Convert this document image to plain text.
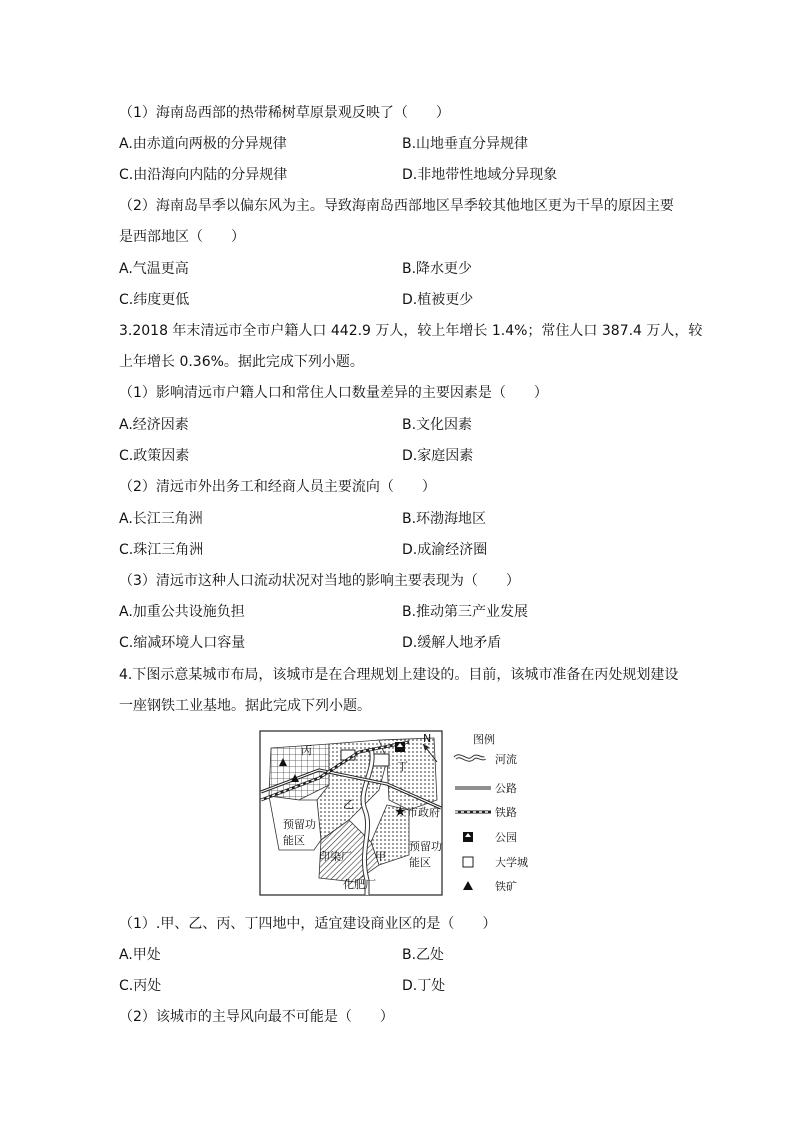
（1）海南岛西部的热带稀树草原景观反映了（　　）
A.由赤道向两极的分异规律	B.山地垂直分异规律
C.由沿海向内陆的分异规律	D.非地带性地域分异现象
（2）海南岛旱季以偏东风为主。导致海南岛西部地区旱季较其他地区更为干旱的原因主要
是西部地区（　　）
A.气温更高	B.降水更少
C.纬度更低	D.植被更少
3.2018 年末清远市全市户籍人口 442.9 万人，较上年增长 1.4%；常住人口 387.4 万人，较
上年增长 0.36%。据此完成下列小题。
（1）影响清远市户籍人口和常住人口数量差异的主要因素是（　　）
A.经济因素	B.文化因素
C.政策因素	D.家庭因素
（2）清远市外出务工和经商人员主要流向（　　）
A.长江三角洲	B.环渤海地区
C.珠江三角洲	D.成渝经济圈
（3）清远市这种人口流动状况对当地的影响主要表现为（　　）
A.加重公共设施负担	B.推动第三产业发展
C.缩减环境人口容量	D.缓解人地矛盾
4.下图示意某城市布局，该城市是在合理规划上建设的。目前，该城市准备在丙处规划建设
一座钢铁工业基地。据此完成下列小题。
N
★
丙
丁
乙
甲
市政府
预留功
能区	预留功
能区
印染厂
化肥厂
图例
河流
公路
铁路
公园
大学城
铁矿
（1）.甲、乙、丙、丁四地中，适宜建设商业区的是（　　）
A.甲处	B.乙处
C.丙处	D.丁处
（2）该城市的主导风向最不可能是（　　）
